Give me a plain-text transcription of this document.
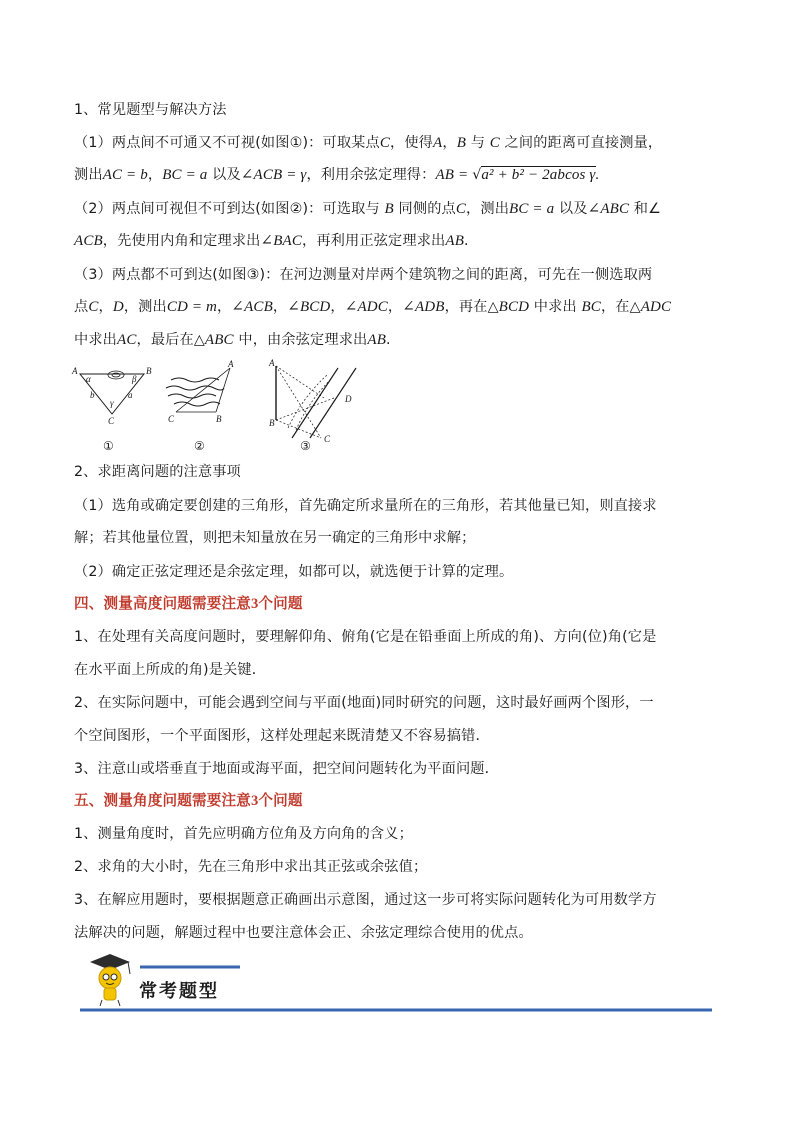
1、常见题型与解决方法
（1）两点间不可通又不可视(如图①)：可取某点C，使得A，B 与 C 之间的距离可直接测量，
测出AC = b，BC = a 以及∠ACB = γ，利用余弦定理得：AB = √a² + b² − 2abcos γ.
（2）两点间可视但不可到达(如图②)：可选取与 B 同侧的点C，测出BC = a 以及∠ABC 和∠
ACB，先使用内角和定理求出∠BAC，再利用正弦定理求出AB.
（3）两点都不可到达(如图③)：在河边测量对岸两个建筑物之间的距离，可先在一侧选取两
点C，D，测出CD = m，∠ACB，∠BCD，∠ADC，∠ADB，再在△BCD 中求出 BC，在△ADC
中求出AC，最后在△ABC 中，由余弦定理求出AB.
A	B
C
α	β
γ
b	a
A
C	B
A
B
C
D
①	②	③
2、求距离问题的注意事项
（1）选角或确定要创建的三角形，首先确定所求量所在的三角形，若其他量已知，则直接求
解；若其他量位置，则把未知量放在另一确定的三角形中求解；
（2）确定正弦定理还是余弦定理，如都可以，就选便于计算的定理。
四、测量高度问题需要注意3个问题
1、在处理有关高度问题时，要理解仰角、俯角(它是在铅垂面上所成的角)、方向(位)角(它是
在水平面上所成的角)是关键．
2、在实际问题中，可能会遇到空间与平面(地面)同时研究的问题，这时最好画两个图形，一
个空间图形，一个平面图形，这样处理起来既清楚又不容易搞错．
3、注意山或塔垂直于地面或海平面，把空间问题转化为平面问题．
五、测量角度问题需要注意3个问题
1、测量角度时，首先应明确方位角及方向角的含义；
2、求角的大小时，先在三角形中求出其正弦或余弦值；
3、在解应用题时，要根据题意正确画出示意图，通过这一步可将实际问题转化为可用数学方
法解决的问题，解题过程中也要注意体会正、余弦定理综合使用的优点。
常考题型
